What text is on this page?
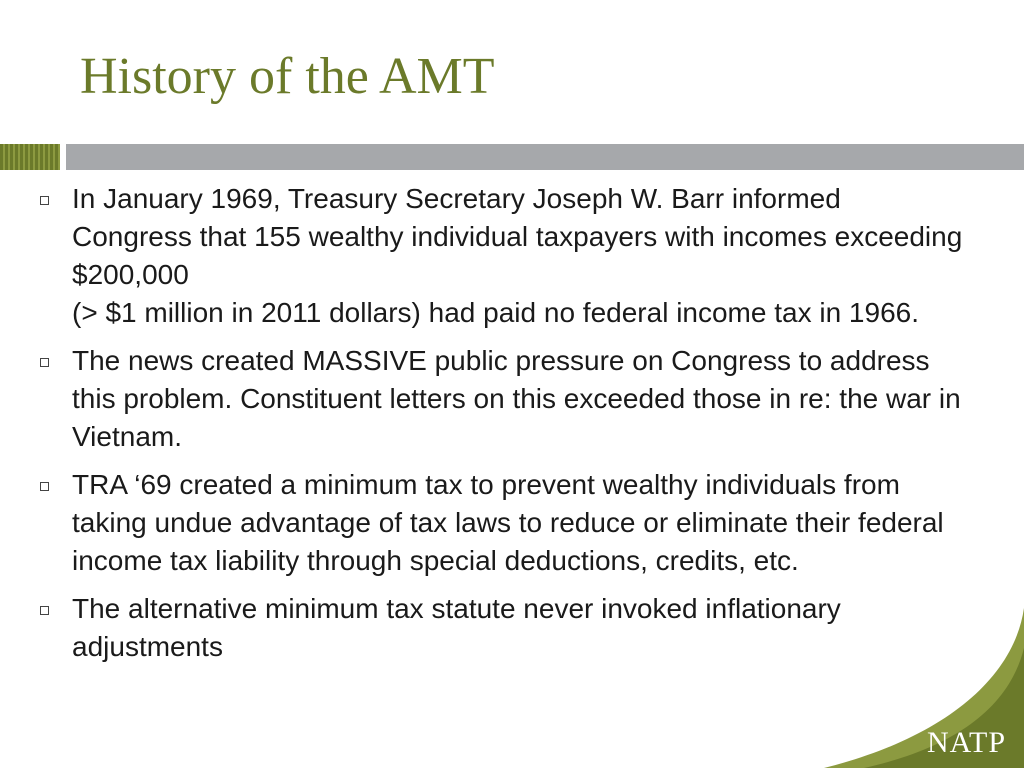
History of the AMT
In January 1969, Treasury Secretary Joseph W. Barr informed Congress that 155 wealthy individual taxpayers with incomes exceeding $200,000
(> $1 million in 2011 dollars) had paid no federal income tax in 1966.
The news created MASSIVE public pressure on Congress to address this problem. Constituent letters on this exceeded those in re: the war in Vietnam.
TRA ‘69 created a minimum tax to prevent wealthy individuals from taking undue advantage of tax laws to reduce or eliminate their federal income tax liability through special deductions, credits, etc.
The alternative minimum tax statute never invoked inflationary adjustments
NATP
